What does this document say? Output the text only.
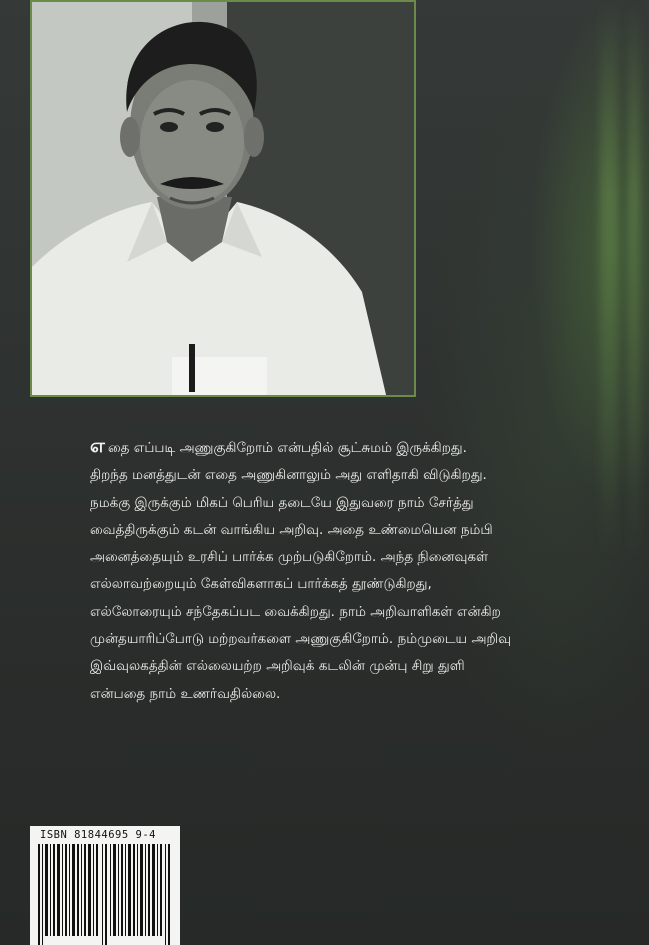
எ தை எப்படி அணுகுகிறோம் என்பதில் சூட்சுமம் இருக்கிறது.
திறந்த மனத்துடன் எதை அணுகினாலும் அது எளிதாகி விடுகிறது.
நமக்கு இருக்கும் மிகப் பெரிய தடையே இதுவரை நாம் சேர்த்து
வைத்திருக்கும் கடன் வாங்கிய அறிவு. அதை உண்மையென நம்பி
அனைத்தையும் உரசிப் பார்க்க முற்படுகிறோம். அந்த நினைவுகள்
எல்லாவற்றையும் கேள்விகளாகப் பார்க்கத் தூண்டுகிறது,
எல்லோரையும் சந்தேகப்பட வைக்கிறது. நாம் அறிவாளிகள் என்கிற
முன்தயாரிப்போடு மற்றவர்களை அணுகுகிறோம். நம்முடைய அறிவு
இவ்வுலகத்தின் எல்லையற்ற அறிவுக் கடலின் முன்பு சிறு துளி
என்பதை நாம் உணர்வதில்லை.
ISBN 81844695 9-4
